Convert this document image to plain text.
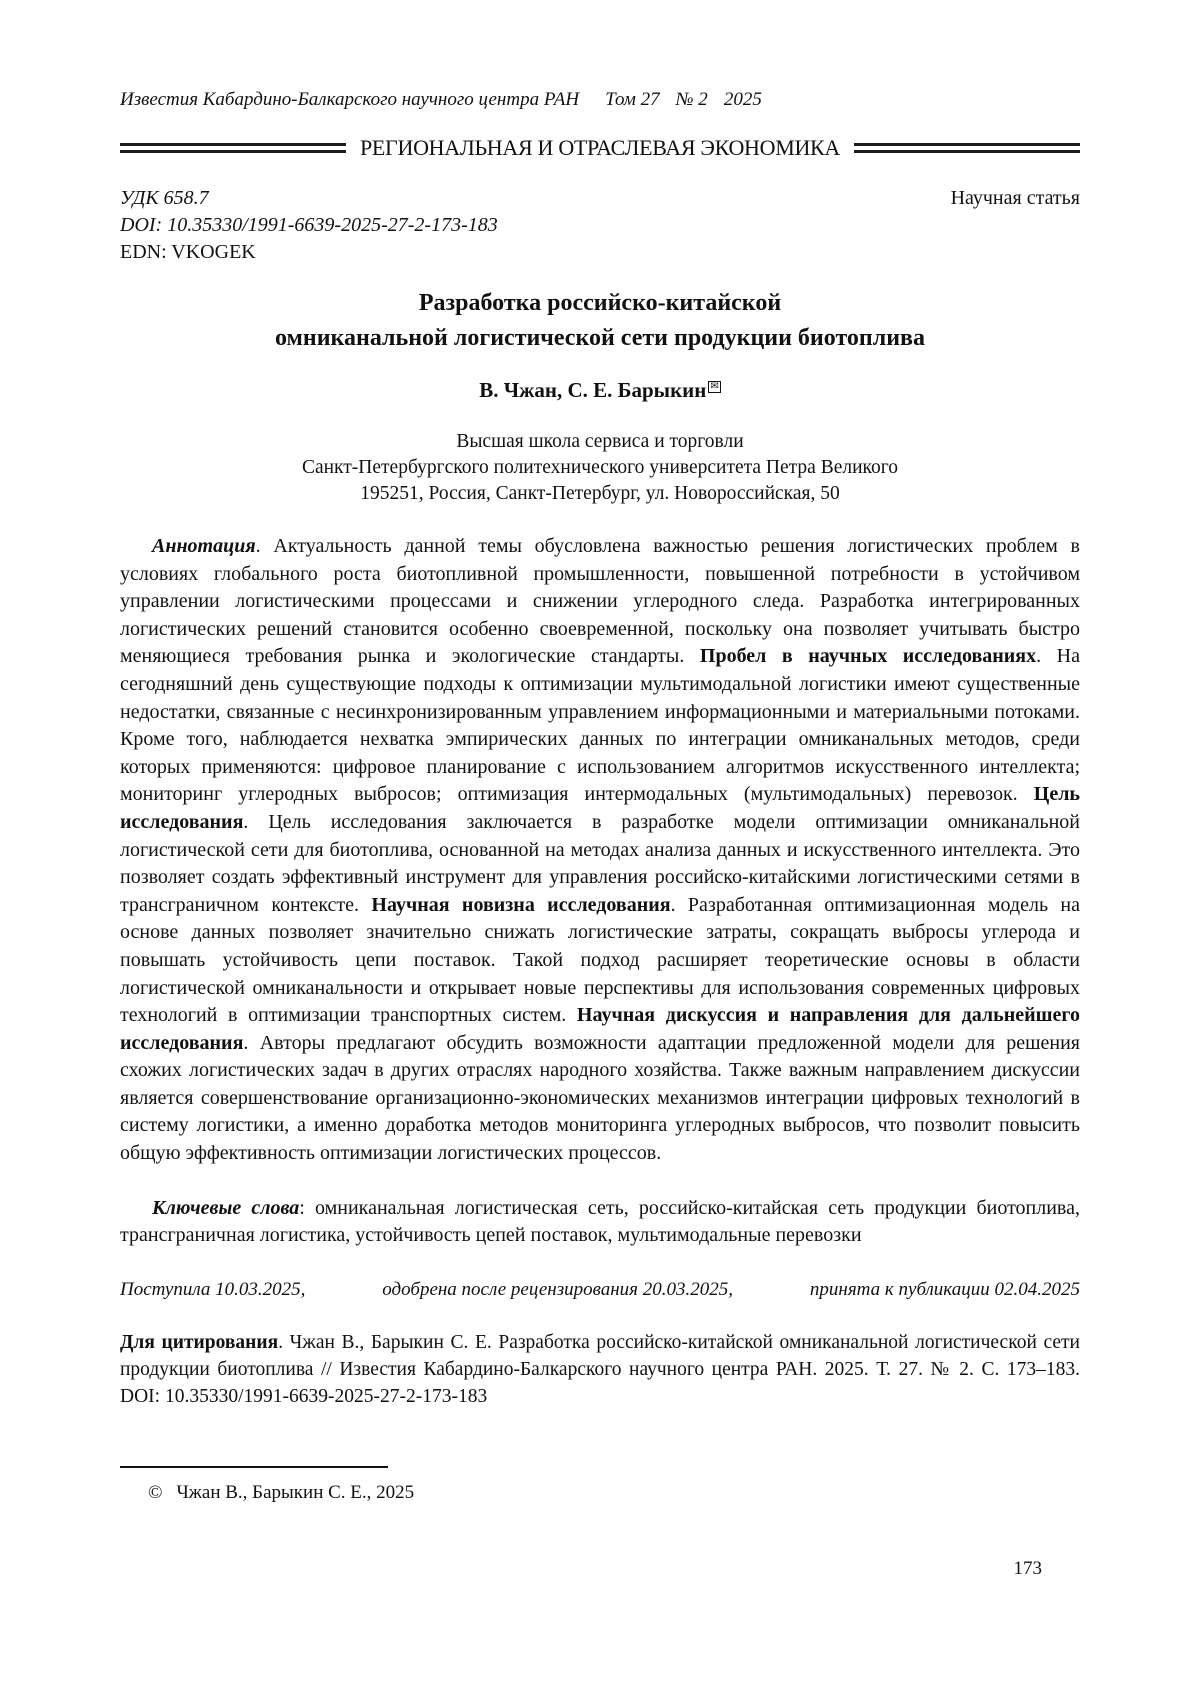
Известия Кабардино-Балкарского научного центра РАН Том 27 № 2 2025
РЕГИОНАЛЬНАЯ И ОТРАСЛЕВАЯ ЭКОНОМИКА
УДК 658.7	Научная статья
DOI: 10.35330/1991-6639-2025-27-2-173-183
EDN: VKOGEK
Разработка российско-китайской
омниканальной логистической сети продукции биотоплива
В. Чжан, С. Е. Барыкин ✉
Высшая школа сервиса и торговли
Санкт-Петербургского политехнического университета Петра Великого
195251, Россия, Санкт-Петербург, ул. Новороссийская, 50

Аннотация. Актуальность данной темы обусловлена важностью решения логистических проблем в условиях глобального роста биотопливной промышленности, повышенной потребности в устойчивом управлении логистическими процессами и снижении углеродного следа. Разработка интегрированных логистических решений становится особенно своевременной, поскольку она позволяет учитывать быстро меняющиеся требования рынка и экологические стандарты. Пробел в научных исследованиях. На сегодняшний день существующие подходы к оптимизации мультимодальной логистики имеют существенные недостатки, связанные с несинхронизированным управлением информационными и материальными потоками. Кроме того, наблюдается нехватка эмпирических данных по интеграции омниканальных методов, среди которых применяются: цифровое планирование с использованием алгоритмов искусственного интеллекта; мониторинг углеродных выбросов; оптимизация интермодальных (мультимодальных) перевозок. Цель исследования. Цель исследования заключается в разработке модели оптимизации омниканальной логистической сети для биотоплива, основанной на методах анализа данных и искусственного интеллекта. Это позволяет создать эффективный инструмент для управления российско-китайскими логистическими сетями в трансграничном контексте. Научная новизна исследования. Разработанная оптимизационная модель на основе данных позволяет значительно снижать логистические затраты, сокращать выбросы углерода и повышать устойчивость цепи поставок. Такой подход расширяет теоретические основы в области логистической омниканальности и открывает новые перспективы для использования современных цифровых технологий в оптимизации транспортных систем. Научная дискуссия и направления для дальнейшего исследования. Авторы предлагают обсудить возможности адаптации предложенной модели для решения схожих логистических задач в других отраслях народного хозяйства. Также важным направлением дискуссии является совершенствование организационно-экономических механизмов интеграции цифровых технологий в систему логистики, а именно доработка методов мониторинга углеродных выбросов, что позволит повысить общую эффективность оптимизации логистических процессов.

Ключевые слова: омниканальная логистическая сеть, российско-китайская сеть продукции биотоплива, трансграничная логистика, устойчивость цепей поставок, мультимодальные перевозки

Поступила 10.03.2025,	одобрена после рецензирования 20.03.2025,	принята к публикации 02.04.2025

Для цитирования. Чжан В., Барыкин С. Е. Разработка российско-китайской омниканальной логистической сети продукции биотоплива // Известия Кабардино-Балкарского научного центра РАН. 2025. Т. 27. № 2. С. 173–183. DOI: 10.35330/1991-6639-2025-27-2-173-183

© Чжан В., Барыкин С. Е., 2025
173
